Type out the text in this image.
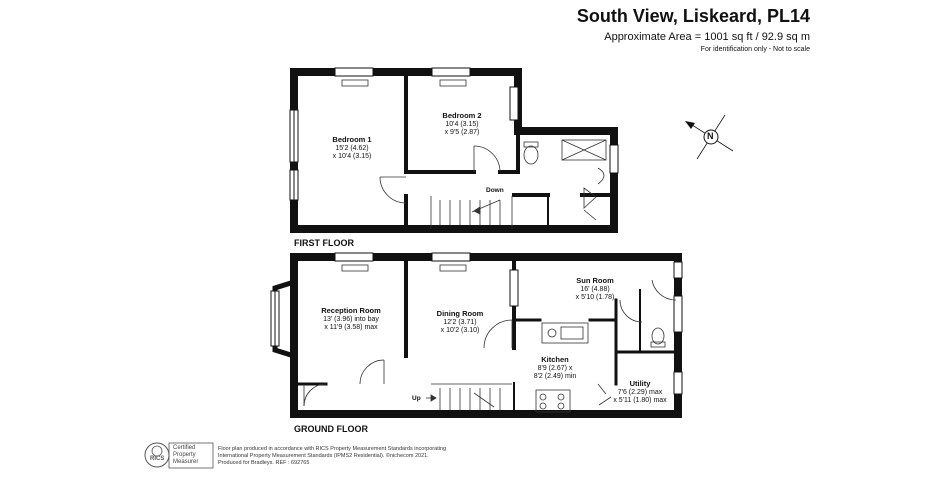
South View, Liskeard, PL14
Approximate Area = 1001 sq ft / 92.9 sq m
For identification only - Not to scale
N
FIRST FLOOR
GROUND FLOOR
Bedroom 1
15'2 (4.62)
x 10'4 (3.15)
Bedroom 2
10'4 (3.15)
x 9'5 (2.87)
Down
Reception Room
13' (3.96) into bay
x 11'9 (3.58) max
Dining Room
12'2 (3.71)
x 10'2 (3.10)
Sun Room
16' (4.88)
x 5'10 (1.78)
Kitchen
8'9 (2.67) x
8'2 (2.49) min
Utility
7'6 (2.29) max
x 5'11 (1.80) max
Up
RICS
Certified
Property
Measurer
Floor plan produced in accordance with RICS Property Measurement Standards incorporating
International Property Measurement Standards (IPMS2 Residential). ©nichecom 2021.
Produced for Bradleys. REF : 692765
